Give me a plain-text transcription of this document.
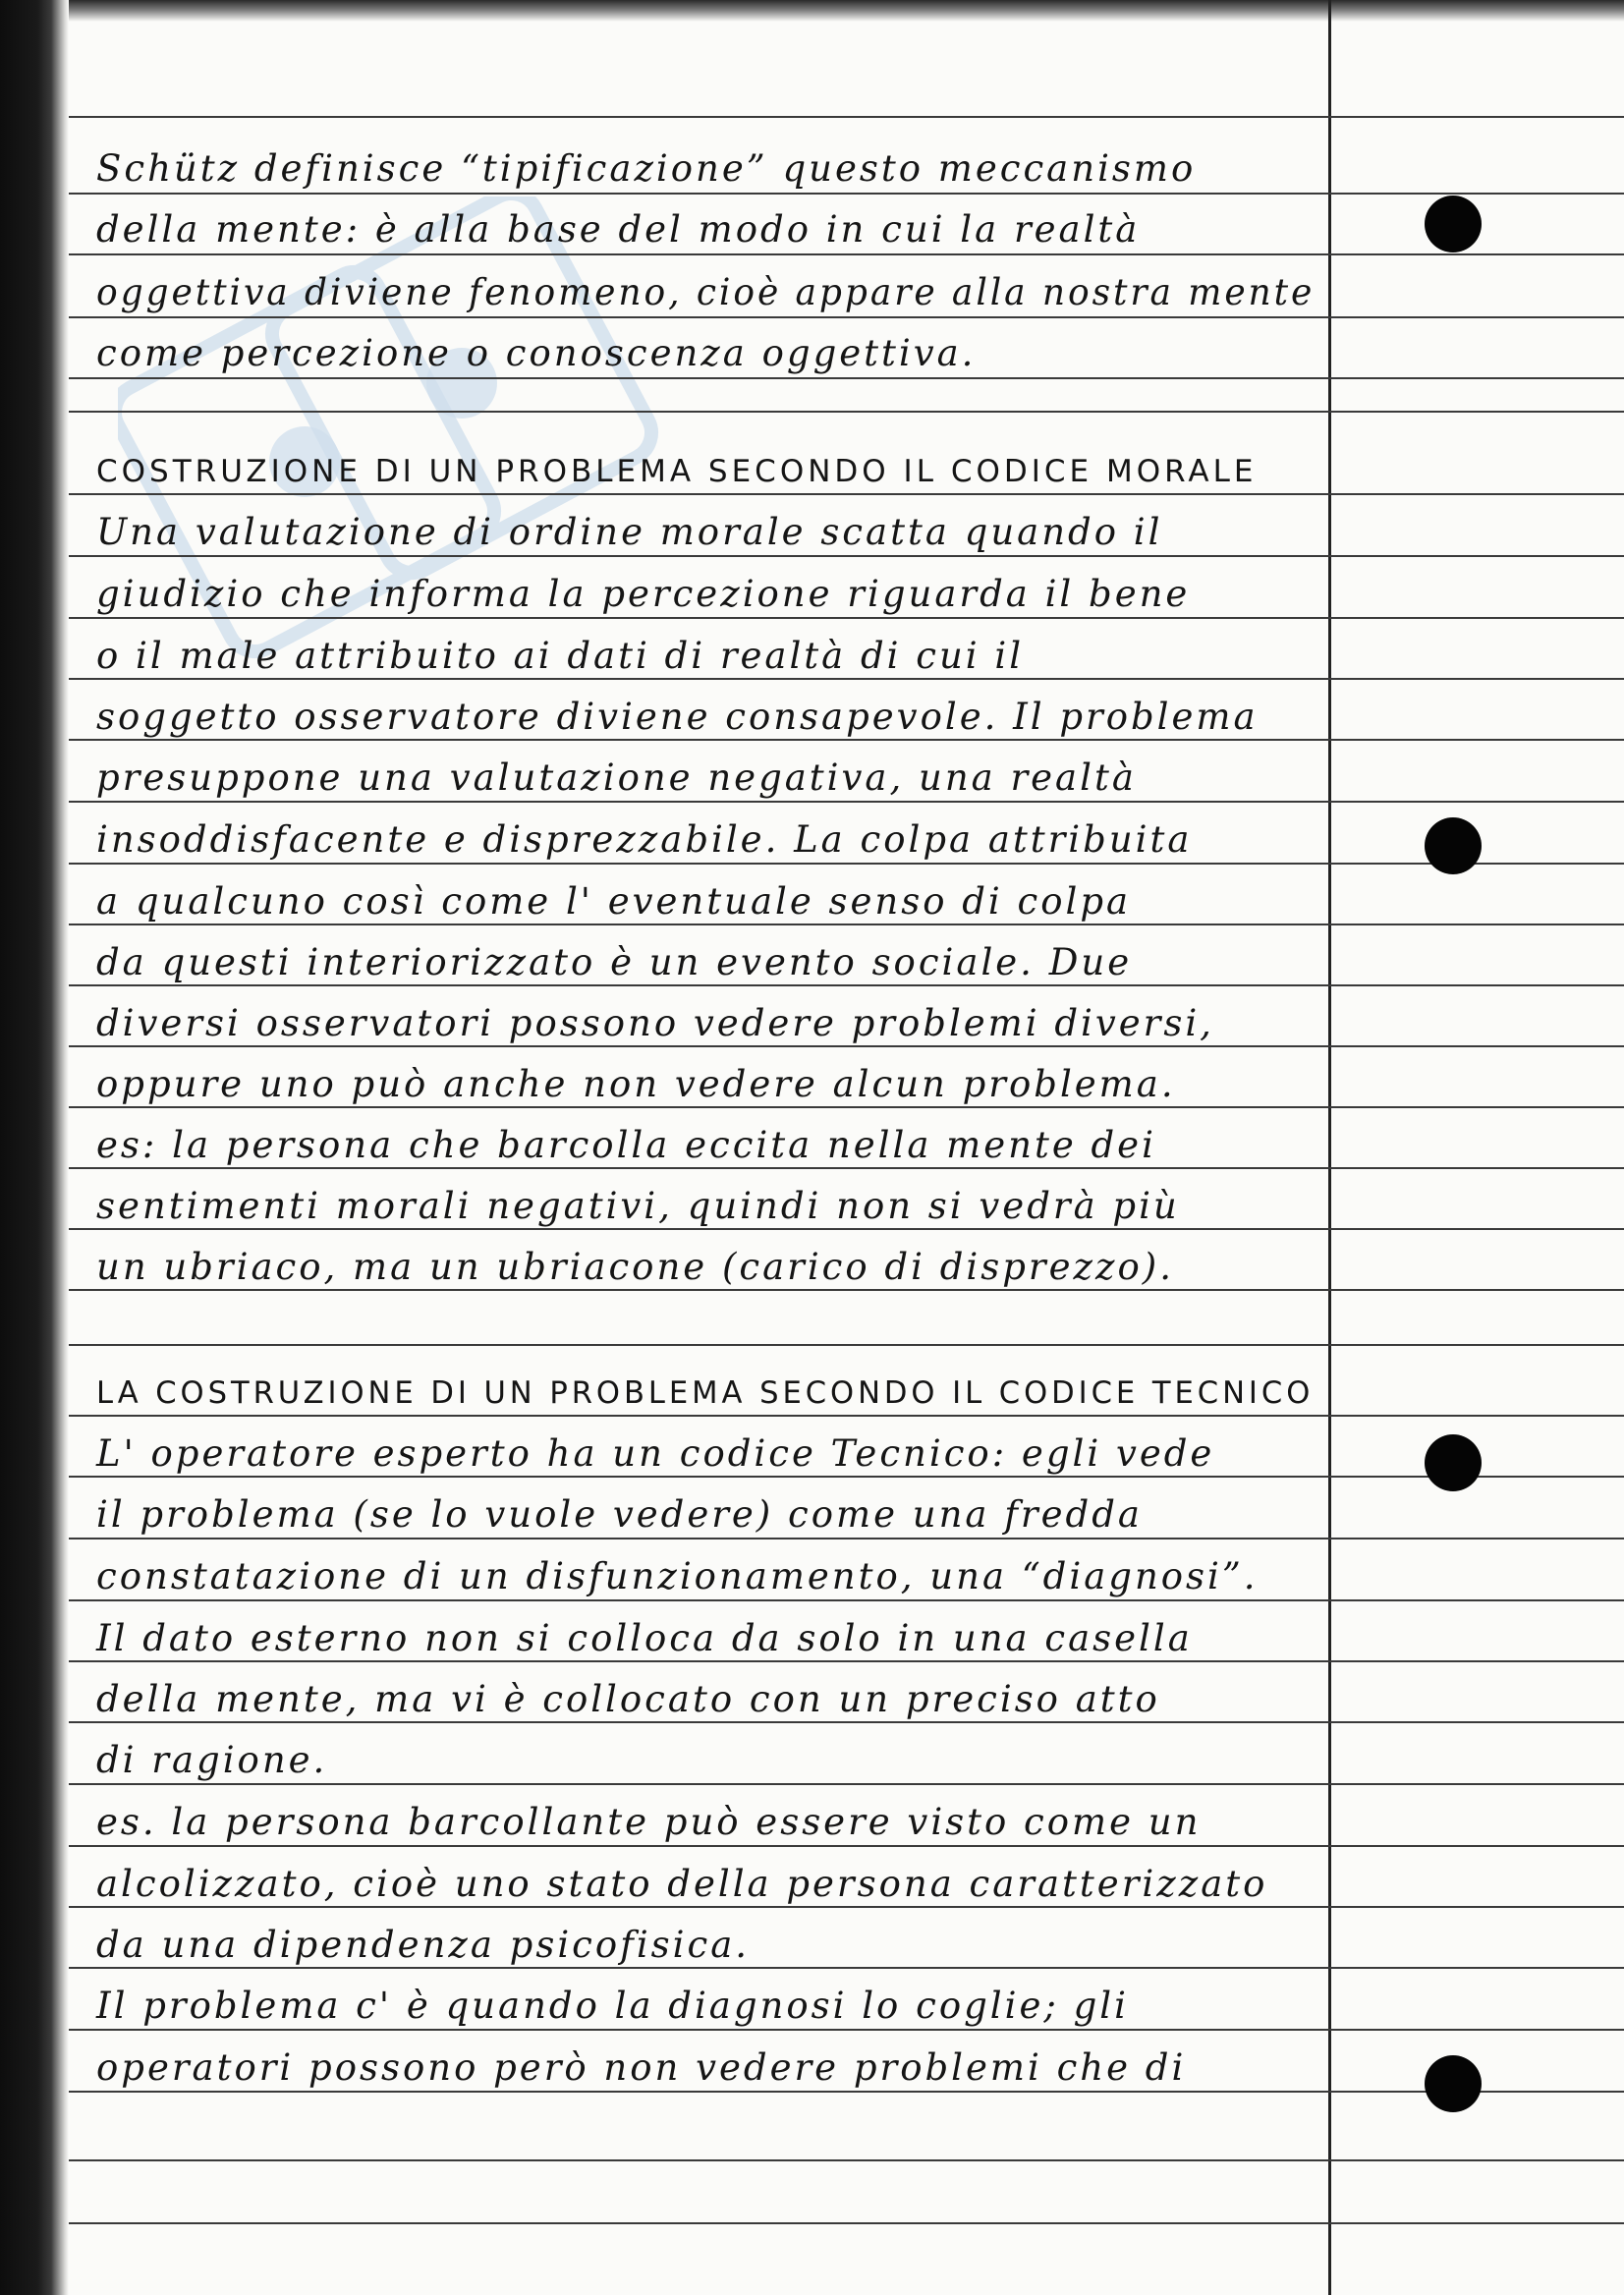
Schütz definisce “tipificazione” questo meccanismo
della mente: è alla base del modo in cui la realtà
oggettiva diviene fenomeno, cioè appare alla nostra mente
come percezione o conoscenza oggettiva.
COSTRUZIONE DI UN PROBLEMA SECONDO IL CODICE MORALE
Una valutazione di ordine morale scatta quando il
giudizio che informa la percezione riguarda il bene
o il male attribuito ai dati di realtà di cui il
soggetto osservatore diviene consapevole. Il problema
presuppone una valutazione negativa, una realtà
insoddisfacente e disprezzabile. La colpa attribuita
a qualcuno così come l' eventuale senso di colpa
da questi interiorizzato è un evento sociale. Due
diversi osservatori possono vedere problemi diversi,
oppure uno può anche non vedere alcun problema.
es: la persona che barcolla eccita nella mente dei
sentimenti morali negativi, quindi non si vedrà più
un ubriaco, ma un ubriacone (carico di disprezzo).
LA COSTRUZIONE DI UN PROBLEMA SECONDO IL CODICE TECNICO
L' operatore esperto ha un codice Tecnico: egli vede
il problema (se lo vuole vedere) come una fredda
constatazione di un disfunzionamento, una “diagnosi”.
Il dato esterno non si colloca da solo in una casella
della mente, ma vi è collocato con un preciso atto
di ragione.
es. la persona barcollante può essere visto come un
alcolizzato, cioè uno stato della persona caratterizzato
da una dipendenza psicofisica.
Il problema c' è quando la diagnosi lo coglie; gli
operatori possono però non vedere problemi che di
